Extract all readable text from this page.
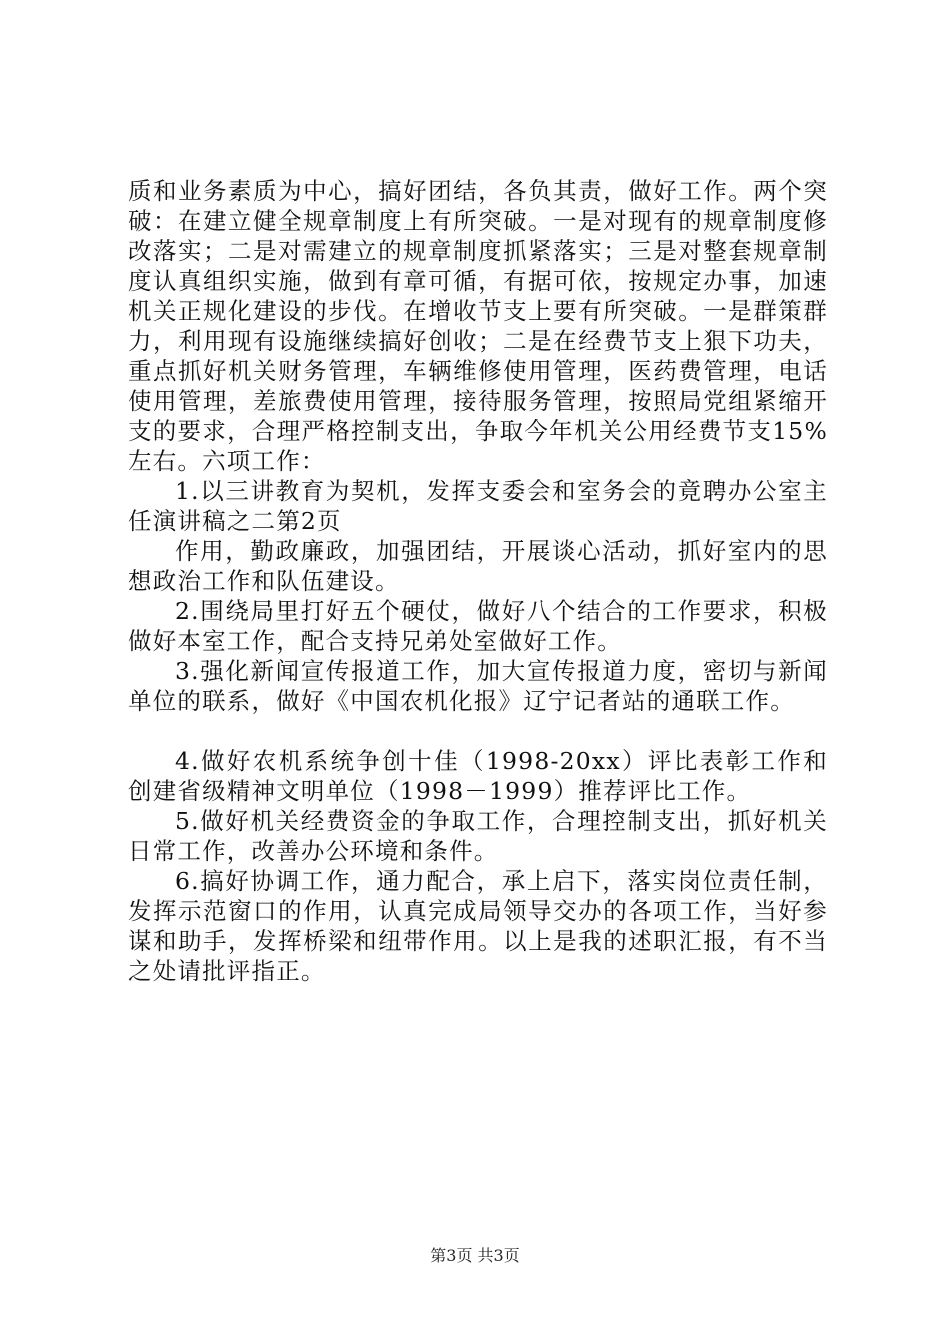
质和业务素质为中心，搞好团结，各负其责，做好工作。两个突破：在建立健全规章制度上有所突破。一是对现有的规章制度修改落实；二是对需建立的规章制度抓紧落实；三是对整套规章制度认真组织实施，做到有章可循，有据可依，按规定办事，加速机关正规化建设的步伐。在增收节支上要有所突破。一是群策群力，利用现有设施继续搞好创收；二是在经费节支上狠下功夫，重点抓好机关财务管理，车辆维修使用管理，医药费管理，电话使用管理，差旅费使用管理，接待服务管理，按照局党组紧缩开支的要求，合理严格控制支出，争取今年机关公用经费节支15%左右。六项工作：

1.以三讲教育为契机，发挥支委会和室务会的竟聘办公室主任演讲稿之二第2页

作用，勤政廉政，加强团结，开展谈心活动，抓好室内的思想政治工作和队伍建设。

2.围绕局里打好五个硬仗，做好八个结合的工作要求，积极做好本室工作，配合支持兄弟处室做好工作。

3.强化新闻宣传报道工作，加大宣传报道力度，密切与新闻单位的联系，做好《中国农机化报》辽宁记者站的通联工作。

4.做好农机系统争创十佳（1998-20xx）评比表彰工作和创建省级精神文明单位（1998－1999）推荐评比工作。

5.做好机关经费资金的争取工作，合理控制支出，抓好机关日常工作，改善办公环境和条件。

6.搞好协调工作，通力配合，承上启下，落实岗位责任制，发挥示范窗口的作用，认真完成局领导交办的各项工作，当好参谋和助手，发挥桥梁和纽带作用。以上是我的述职汇报，有不当之处请批评指正。

第3页 共3页
